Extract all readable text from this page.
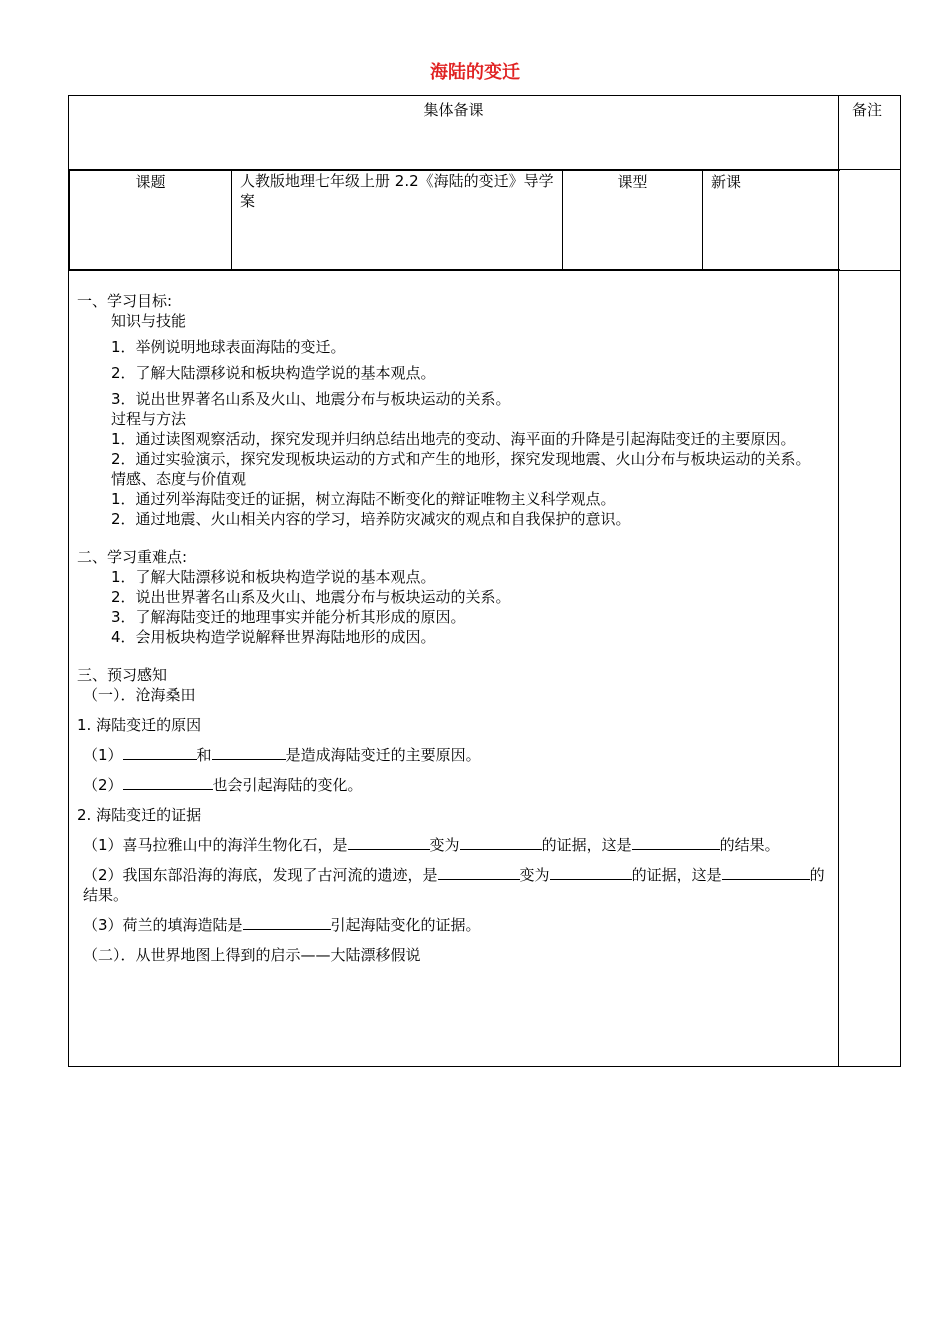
海陆的变迁
集体备课	备注

课题	人教版地理七年级上册 2.2《海陆的变迁》导学案	课型	新课

一、学习目标:
知识与技能
1．举例说明地球表面海陆的变迁。
2．了解大陆漂移说和板块构造学说的基本观点。
3．说出世界著名山系及火山、地震分布与板块运动的关系。
过程与方法
1．通过读图观察活动，探究发现并归纳总结出地壳的变动、海平面的升降是引起海陆变迁的主要原因。
2．通过实验演示，探究发现板块运动的方式和产生的地形，探究发现地震、火山分布与板块运动的关系。
情感、态度与价值观
1．通过列举海陆变迁的证据，树立海陆不断变化的辩证唯物主义科学观点。
2．通过地震、火山相关内容的学习，培养防灾减灾的观点和自我保护的意识。
二、学习重难点:
1．了解大陆漂移说和板块构造学说的基本观点。
2．说出世界著名山系及火山、地震分布与板块运动的关系。
3．了解海陆变迁的地理事实并能分析其形成的原因。
4．会用板块构造学说解释世界海陆地形的成因。
三、预习感知
（一）．沧海桑田
1. 海陆变迁的原因
（1）	和	是造成海陆变迁的主要原因。
（2）	也会引起海陆的变化。
2. 海陆变迁的证据
（1）喜马拉雅山中的海洋生物化石，是	变为	的证据，这是	的结果。
（2）我国东部沿海的海底，发现了古河流的遗迹，是	变为	的证据，这是	的结果。
（3）荷兰的填海造陆是	引起海陆变化的证据。
（二）．从世界地图上得到的启示——大陆漂移假说
